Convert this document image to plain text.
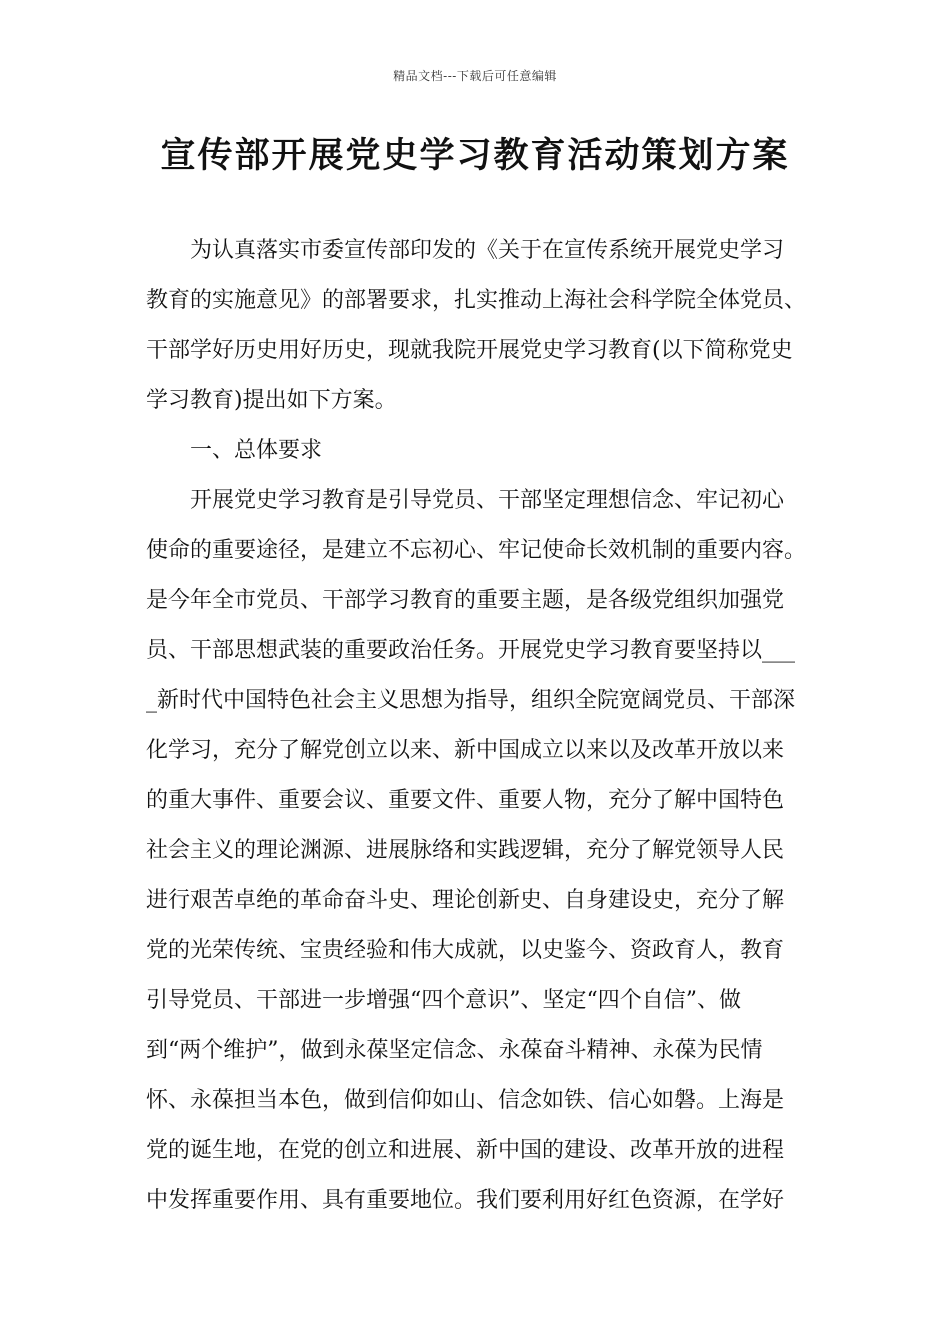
精品文档---下载后可任意编辑
宣传部开展党史学习教育活动策划方案
为认真落实市委宣传部印发的《关于在宣传系统开展党史学习
教育的实施意见》的部署要求，扎实推动上海社会科学院全体党员、
干部学好历史用好历史，现就我院开展党史学习教育(以下简称党史
学习教育)提出如下方案。
一、总体要求
开展党史学习教育是引导党员、干部坚定理想信念、牢记初心
使命的重要途径，是建立不忘初心、牢记使命长效机制的重要内容。
是今年全市党员、干部学习教育的重要主题，是各级党组织加强党
员、干部思想武装的重要政治任务。开展党史学习教育要坚持以___
_新时代中国特色社会主义思想为指导，组织全院宽阔党员、干部深
化学习，充分了解党创立以来、新中国成立以来以及改革开放以来
的重大事件、重要会议、重要文件、重要人物，充分了解中国特色
社会主义的理论渊源、进展脉络和实践逻辑，充分了解党领导人民
进行艰苦卓绝的革命奋斗史、理论创新史、自身建设史，充分了解
党的光荣传统、宝贵经验和伟大成就，以史鉴今、资政育人，教育
引导党员、干部进一步增强“四个意识”、坚定“四个自信”、做
到“两个维护”，做到永葆坚定信念、永葆奋斗精神、永葆为民情
怀、永葆担当本色，做到信仰如山、信念如铁、信心如磐。上海是
党的诞生地，在党的创立和进展、新中国的建设、改革开放的进程
中发挥重要作用、具有重要地位。我们要利用好红色资源，在学好
